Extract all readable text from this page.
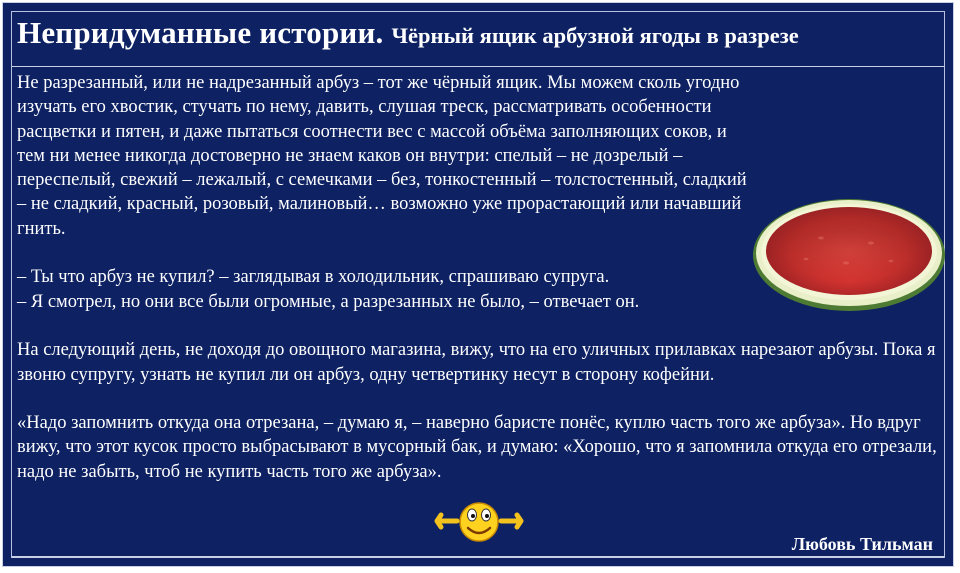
Непридуманные истории. Чёрный ящик арбузной ягоды в разрезе

Не разрезанный, или не надрезанный арбуз – тот же чёрный ящик. Мы можем сколь угодно изучать его хвостик, стучать по нему, давить, слушая треск, рассматривать особенности расцветки и пятен, и даже пытаться соотнести вес с массой объёма заполняющих соков, и тем ни менее никогда достоверно не знаем каков он внутри: спелый – не дозрелый – переспелый, свежий – лежалый, с семечками – без, тонкостенный – толстостенный, сладкий – не сладкий, красный, розовый, малиновый… возможно уже прорастающий или начавший гнить.

– Ты что арбуз не купил? – заглядывая в холодильник, спрашиваю супруга.
– Я смотрел, но они все были огромные, а разрезанных не было, – отвечает он.

На следующий день, не доходя до овощного магазина, вижу, что на его уличных прилавках нарезают арбузы. Пока я звоню супругу, узнать не купил ли он арбуз, одну четвертинку несут в сторону кофейни.

«Надо запомнить откуда она отрезана, – думаю я, – наверно баристе понёс, куплю часть того же арбуза». Но вдруг вижу, что этот кусок просто выбрасывают в мусорный бак, и думаю: «Хорошо, что я запомнила откуда его отрезали, надо не забыть, чтоб не купить часть того же арбуза».

Любовь Тильман
